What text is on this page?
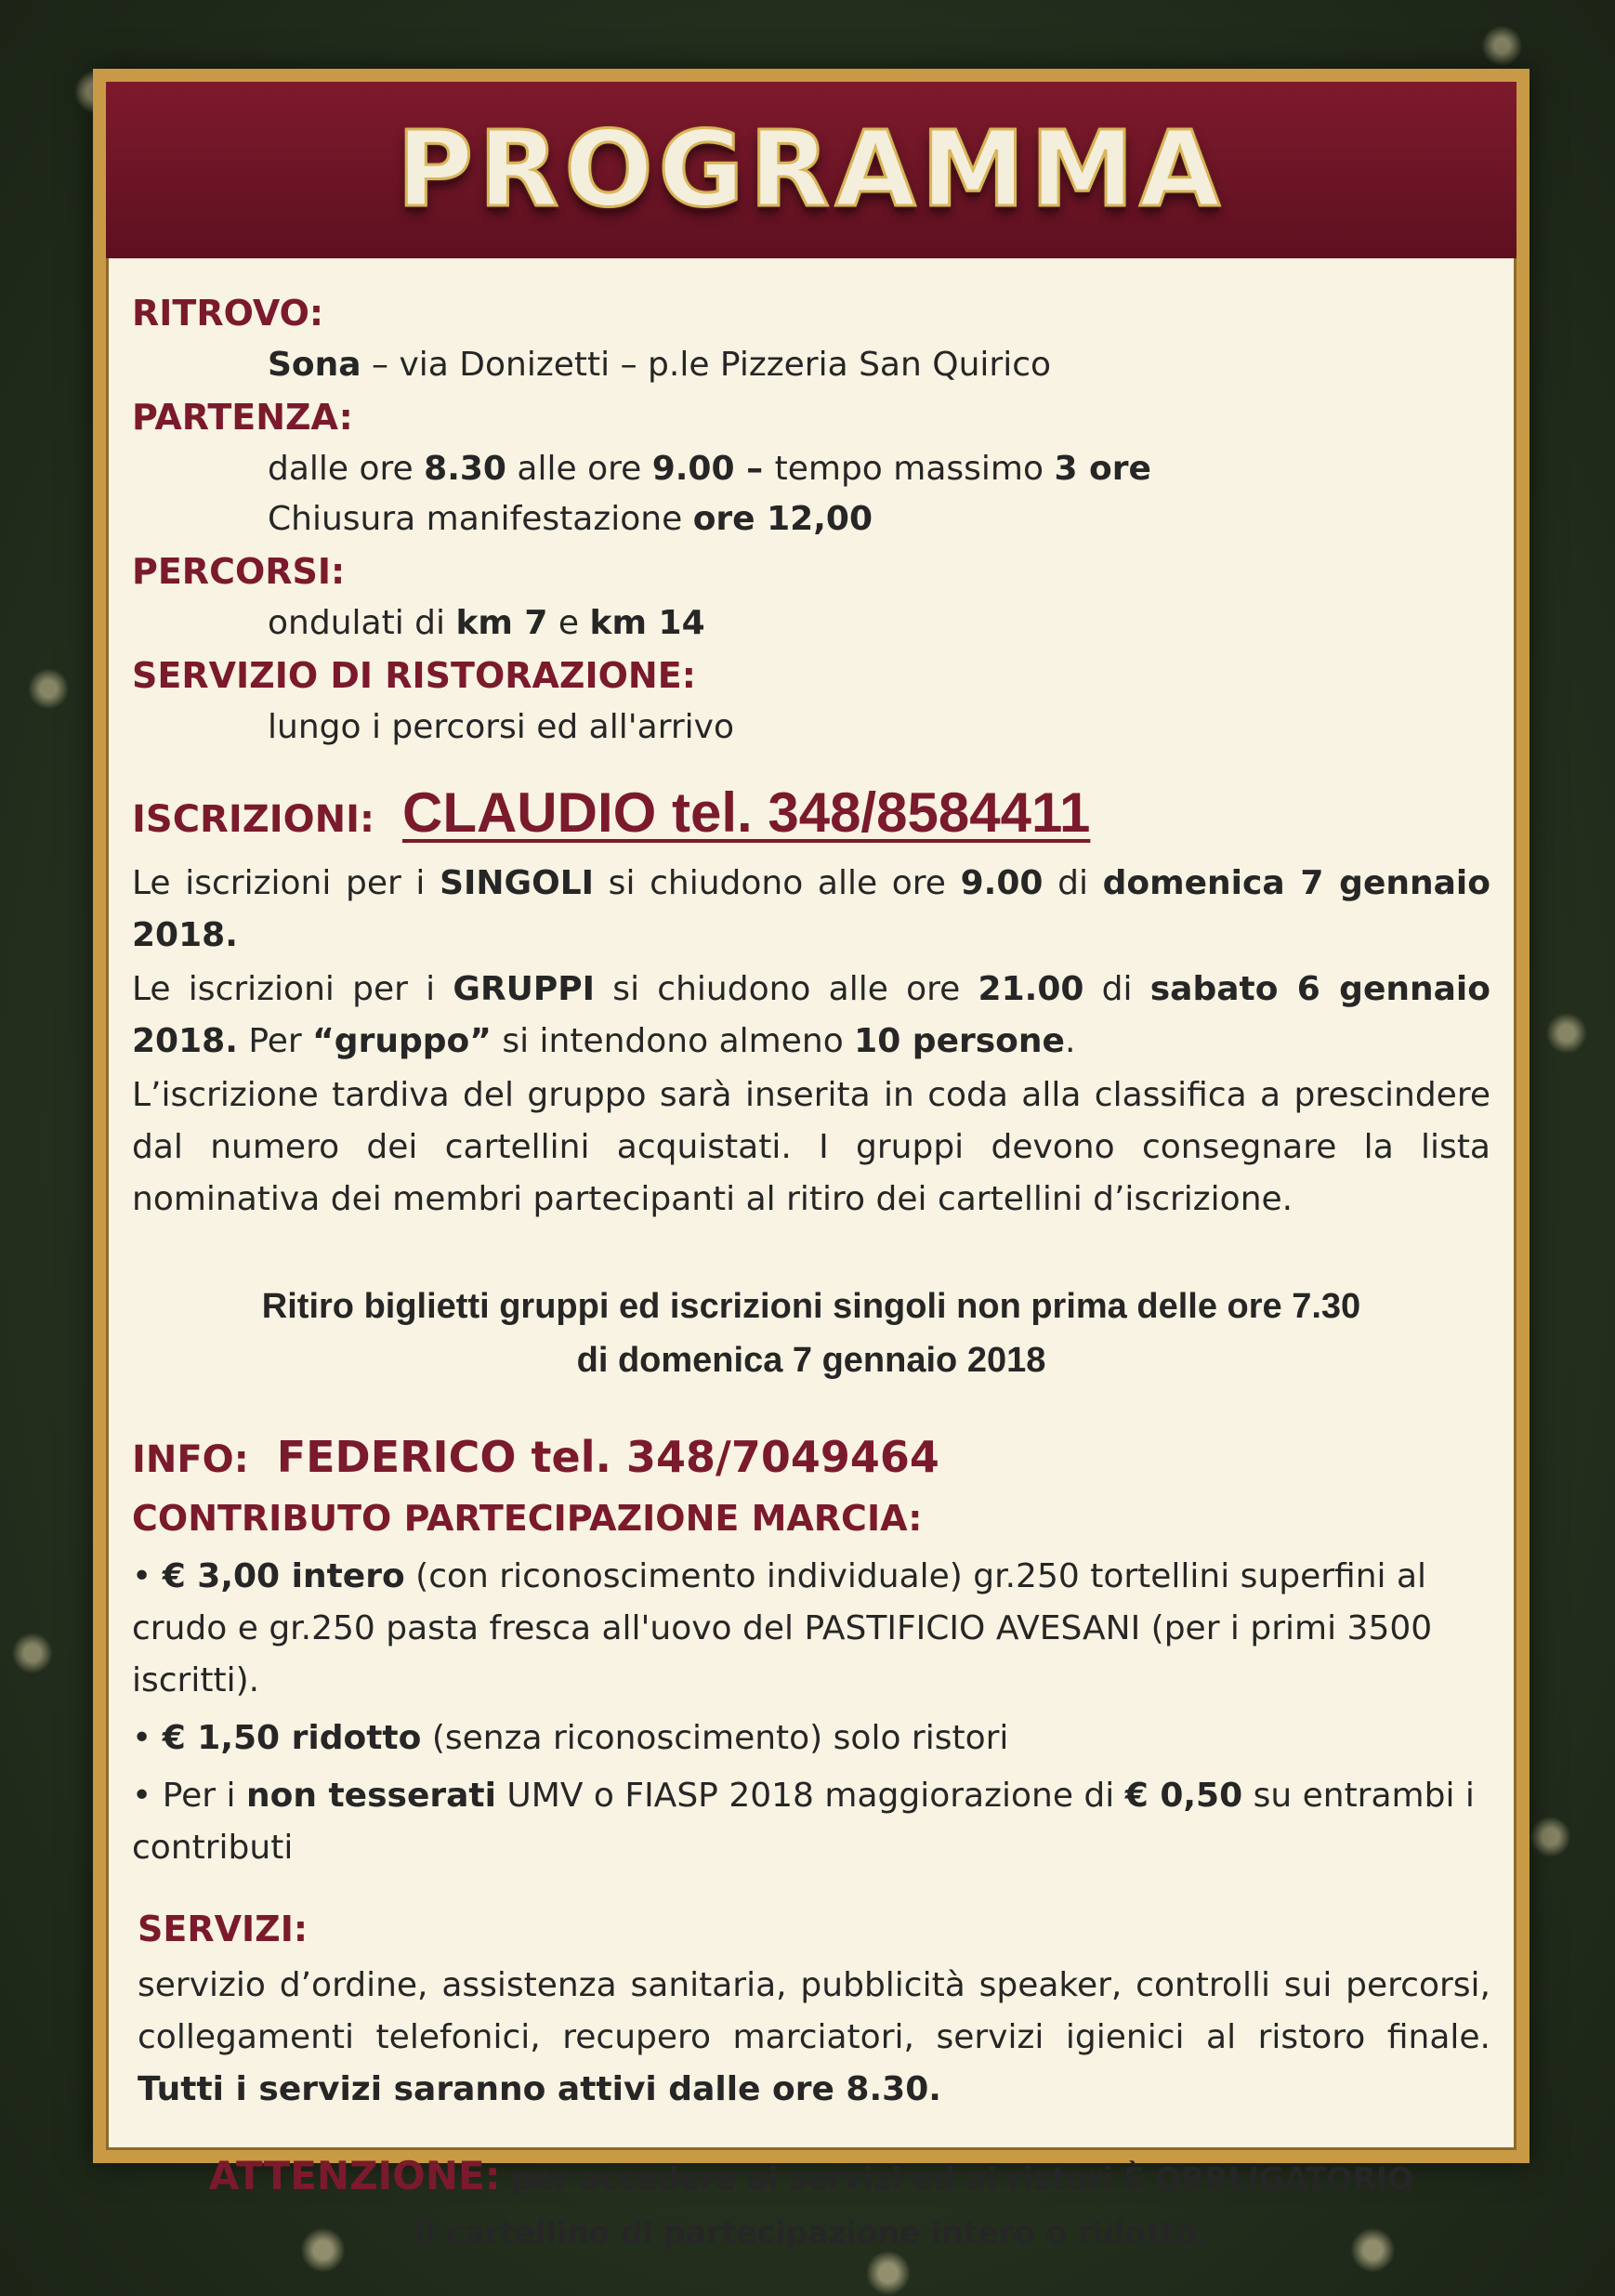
PROGRAMMA

RITROVO:

Sona – via Donizetti – p.le Pizzeria San Quirico

PARTENZA:

dalle ore 8.30 alle ore 9.00 – tempo massimo 3 ore

Chiusura manifestazione ore 12,00

PERCORSI:

ondulati di km 7 e km 14

SERVIZIO DI RISTORAZIONE:

lungo i percorsi ed all'arrivo

ISCRIZIONI: CLAUDIO tel. 348/8584411

Le iscrizioni per i SINGOLI si chiudono alle ore 9.00 di domenica 7 gennaio 2018.

Le iscrizioni per i GRUPPI si chiudono alle ore 21.00 di sabato 6 gennaio 2018. Per “gruppo” si intendono almeno 10 persone.

L’iscrizione tardiva del gruppo sarà inserita in coda alla classifica a prescindere dal numero dei cartellini acquistati. I gruppi devono consegnare la lista nominativa dei membri partecipanti al ritiro dei cartellini d’iscrizione.

Ritiro biglietti gruppi ed iscrizioni singoli non prima delle ore 7.30
di domenica 7 gennaio 2018
INFO: FEDERICO tel. 348/7049464

CONTRIBUTO PARTECIPAZIONE MARCIA:

• € 3,00 intero (con riconoscimento individuale) gr.250 tortellini superfini al crudo e gr.250 pasta fresca all'uovo del PASTIFICIO AVESANI (per i primi 3500 iscritti).

• € 1,50 ridotto (senza riconoscimento) solo ristori

• Per i non tesserati UMV o FIASP 2018 maggiorazione di € 0,50 su entrambi i contributi

SERVIZI:

servizio d’ordine, assistenza sanitaria, pubblicità speaker, controlli sui percorsi, collegamenti telefonici, recupero marciatori, servizi igienici al ristoro finale. Tutti i servizi saranno attivi dalle ore 8.30.

ATTENZIONE: per accedere ai servizi ed ai ristori È OBBLIGATORIO
il cartellino di partecipazione intero o ridotto.
